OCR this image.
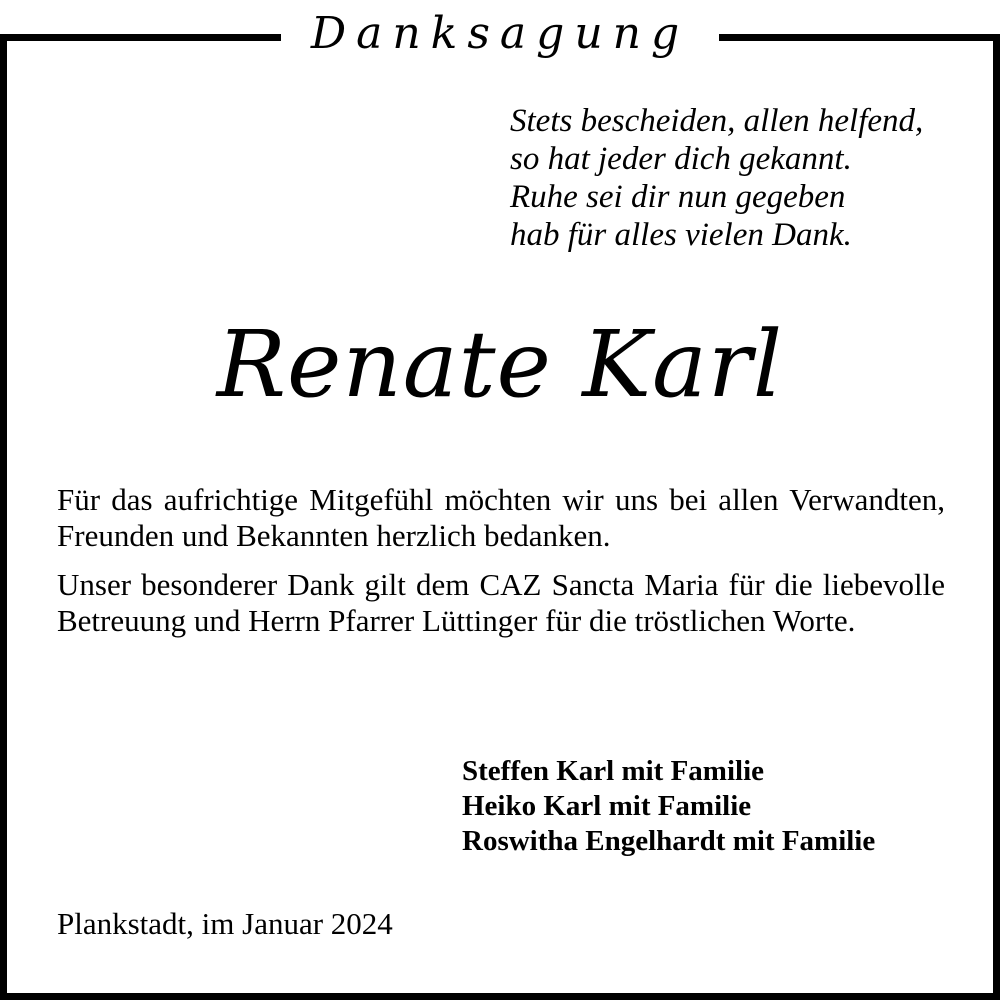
Danksagung
Stets bescheiden, allen helfend,
so hat jeder dich gekannt.
Ruhe sei dir nun gegeben
hab für alles vielen Dank.
Renate Karl

Für das aufrichtige Mitgefühl möchten wir uns bei allen Verwandten, Freunden und Bekannten herzlich bedanken.

Unser besonderer Dank gilt dem CAZ Sancta Maria für die liebevolle Betreuung und Herrn Pfarrer Lüttinger für die tröstlichen Worte.

Steffen Karl mit Familie
Heiko Karl mit Familie
Roswitha Engelhardt mit Familie
Plankstadt, im Januar 2024
